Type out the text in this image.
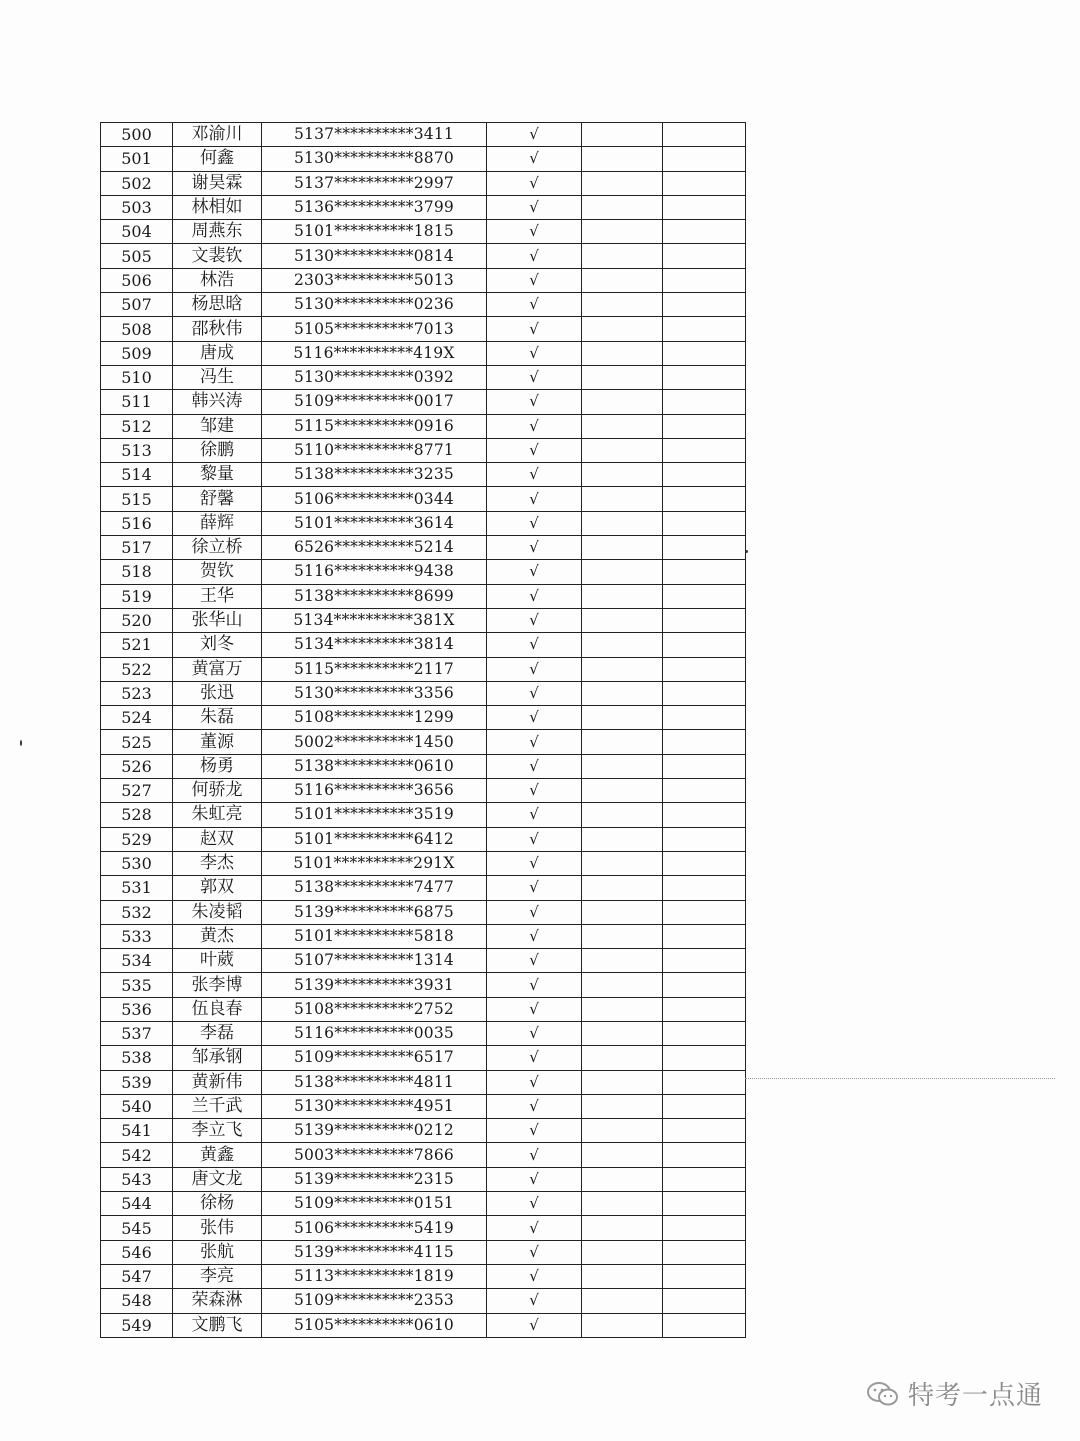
500	邓渝川	5137**********3411	√		
501	何鑫	5130**********8870	√		
502	谢昊霖	5137**********2997	√		
503	林相如	5136**********3799	√		
504	周燕东	5101**********1815	√		
505	文裴钦	5130**********0814	√		
506	林浩	2303**********5013	√		
507	杨思晗	5130**********0236	√		
508	邵秋伟	5105**********7013	√		
509	唐成	5116**********419X	√		
510	冯生	5130**********0392	√		
511	韩兴涛	5109**********0017	√		
512	邹建	5115**********0916	√		
513	徐鹏	5110**********8771	√		
514	黎量	5138**********3235	√		
515	舒馨	5106**********0344	√		
516	薛辉	5101**********3614	√		
517	徐立桥	6526**********5214	√		
518	贺钦	5116**********9438	√		
519	王华	5138**********8699	√		
520	张华山	5134**********381X	√		
521	刘冬	5134**********3814	√		
522	黄富万	5115**********2117	√		
523	张迅	5130**********3356	√		
524	朱磊	5108**********1299	√		
525	董源	5002**********1450	√		
526	杨勇	5138**********0610	√		
527	何骄龙	5116**********3656	√		
528	朱虹亮	5101**********3519	√		
529	赵双	5101**********6412	√		
530	李杰	5101**********291X	√		
531	郭双	5138**********7477	√		
532	朱凌韬	5139**********6875	√		
533	黄杰	5101**********5818	√		
534	叶葳	5107**********1314	√		
535	张李博	5139**********3931	√		
536	伍良春	5108**********2752	√		
537	李磊	5116**********0035	√		
538	邹承钢	5109**********6517	√		
539	黄新伟	5138**********4811	√		
540	兰千武	5130**********4951	√		
541	李立飞	5139**********0212	√		
542	黄鑫	5003**********7866	√		
543	唐文龙	5139**********2315	√		
544	徐杨	5109**********0151	√		
545	张伟	5106**********5419	√		
546	张航	5139**********4115	√		
547	李亮	5113**********1819	√		
548	荣森淋	5109**********2353	√		
549	文鹏飞	5105**********0610	√		
特考一点通
